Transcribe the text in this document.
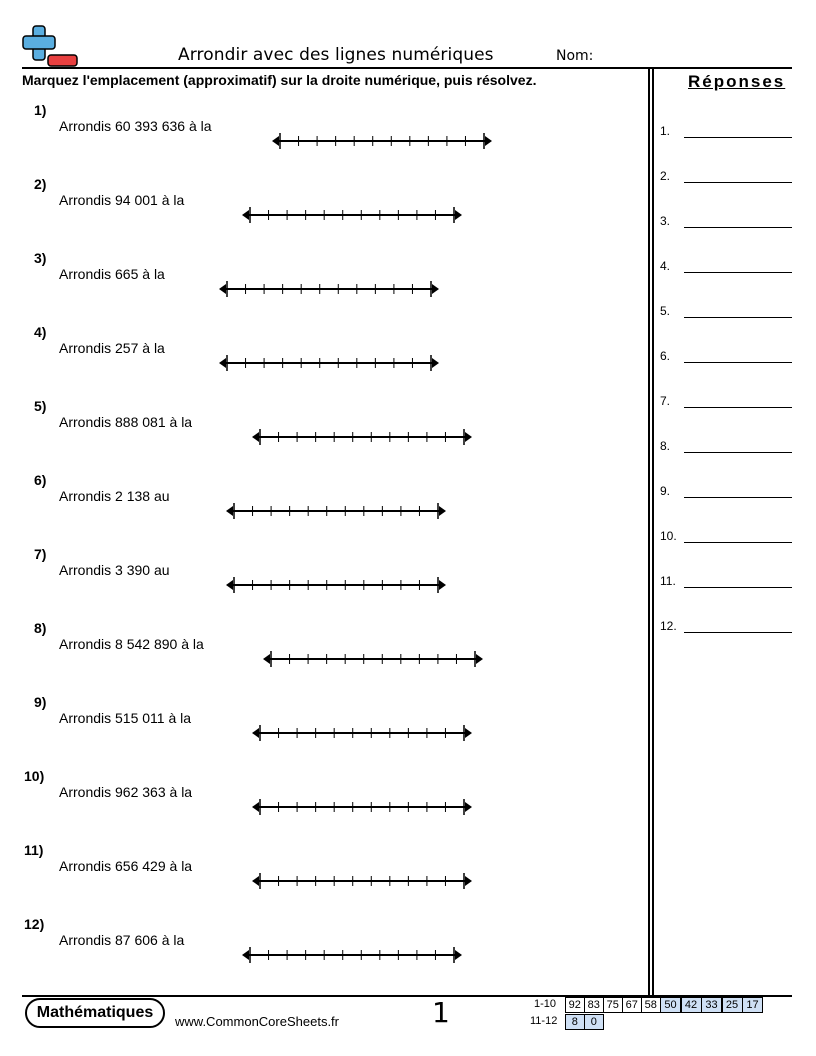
Arrondir avec des lignes numériques	Nom:
Marquez l'emplacement (approximatif) sur la droite numérique, puis résolvez.	Réponses
1)
Arrondis 60 393 636 à la
2)
Arrondis 94 001 à la
3)
Arrondis 665 à la
4)
Arrondis 257 à la
5)
Arrondis 888 081 à la
6)
Arrondis 2 138 au
7)
Arrondis 3 390 au
8)
Arrondis 8 542 890 à la
9)
Arrondis 515 011 à la
10)
Arrondis 962 363 à la
11)
Arrondis 656 429 à la
12)
Arrondis 87 606 à la
1.
2.
3.
4.
5.
6.
7.
8.
9.
10.
11.
12.
Mathématiques
www.CommonCoreSheets.fr	1	1-10	92 83 75 67 58 50 42 33 25 17
11-12	8	0
